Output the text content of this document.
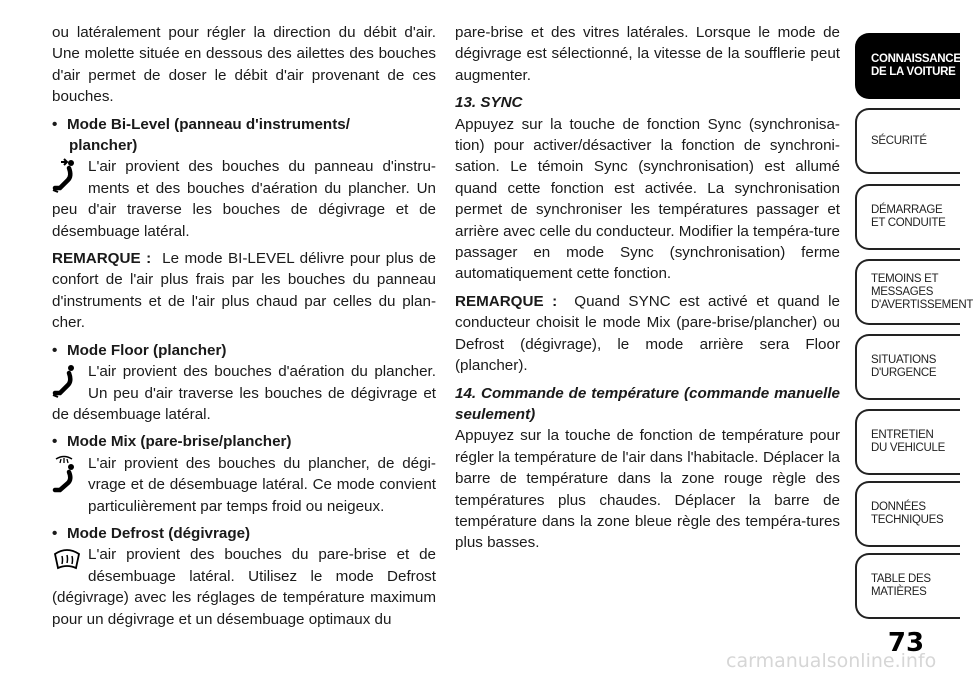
ou latéralement pour régler la direction du débit d'air. Une molette située en dessous des ailettes des bouches d'air permet de doser le débit d'air provenant de ces bouches.

• Mode Bi-Level (panneau d'instruments/
plancher)
L'air provient des bouches du panneau d'instru-ments et des bouches d'aération du plancher. Un peu d'air traverse les bouches de dégivrage et de désembuage latéral.

REMARQUE : Le mode BI-LEVEL délivre pour plus de confort de l'air plus frais par les bouches du panneau d'instruments et de l'air plus chaud par celles du plan-cher.

• Mode Floor (plancher)
L'air provient des bouches d'aération du plancher. Un peu d'air traverse les bouches de dégivrage et de désembuage latéral.
• Mode Mix (pare-brise/plancher)
L'air provient des bouches du plancher, de dégi-vrage et de désembuage latéral. Ce mode convient particulièrement par temps froid ou neigeux.
• Mode Defrost (dégivrage)
L'air provient des bouches du pare-brise et de désembuage latéral. Utilisez le mode Defrost (dégivrage) avec les réglages de température maximum pour un dégivrage et un désembuage optimaux du

pare-brise et des vitres latérales. Lorsque le mode de dégivrage est sélectionné, la vitesse de la soufflerie peut augmenter.

13. SYNC

Appuyez sur la touche de fonction Sync (synchronisa-tion) pour activer/désactiver la fonction de synchroni-sation. Le témoin Sync (synchronisation) est allumé quand cette fonction est activée. La synchronisation permet de synchroniser les températures passager et arrière avec celle du conducteur. Modifier la tempéra-ture passager en mode Sync (synchronisation) ferme automatiquement cette fonction.

REMARQUE : Quand SYNC est activé et quand le conducteur choisit le mode Mix (pare-brise/plancher) ou Defrost (dégivrage), le mode arrière sera Floor (plancher).

14. Commande de température (commande manuelle seulement)

Appuyez sur la touche de fonction de température pour régler la température de l'air dans l'habitacle. Déplacer la barre de température dans la zone rouge règle des températures plus chaudes. Déplacer la barre de température dans la zone bleue règle des tempéra-tures plus basses.

CONNAISSANCE
DE LA VOITURE
SÉCURITÉ
DÉMARRAGE
ET CONDUITE
TEMOINS ET
MESSAGES
D'AVERTISSEMENT
SITUATIONS
D'URGENCE
ENTRETIEN
DU VEHICULE
DONNÉES
TECHNIQUES
TABLE DES
MATIÈRES
73
carmanualsonline.info
